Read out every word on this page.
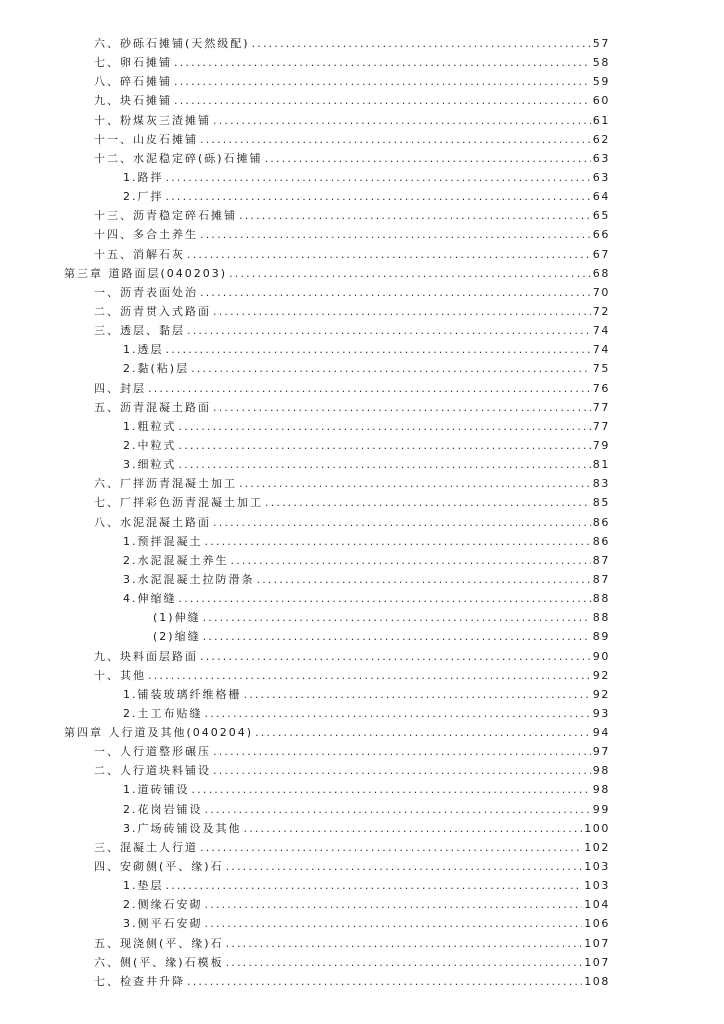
六、砂砾石摊铺(天然级配) .....	57
七、卵石摊铺 .....	58
八、碎石摊铺 .....	59
九、块石摊铺 .....	60
十、粉煤灰三渣摊铺 .....	61
十一、山皮石摊铺 .....	62
十二、水泥稳定碎(砾)石摊铺 .....	63
1.路拌 .....	63
2.厂拌 .....	64
十三、沥青稳定碎石摊铺 .....	65
十四、多合土养生 .....	66
十五、消解石灰 .....	67
第三章 道路面层(040203) .....	68
一、沥青表面处治 .....	70
二、沥青贯入式路面 .....	72
三、透层、黏层 .....	74
1.透层 .....	74
2.黏(粘)层 .....	75
四、封层 .....	76
五、沥青混凝土路面 .....	77
1.粗粒式 .....	77
2.中粒式 .....	79
3.细粒式 .....	81
六、厂拌沥青混凝土加工 .....	83
七、厂拌彩色沥青混凝土加工 .....	85
八、水泥混凝土路面 .....	86
1.预拌混凝土 .....	86
2.水泥混凝土养生 .....	87
3.水泥混凝土拉防滑条 .....	87
4.伸缩缝 .....	88
(1)伸缝 .....	88
(2)缩缝 .....	89
九、块料面层路面 .....	90
十、其他 .....	92
1.铺装玻璃纤维格栅 .....	92
2.土工布贴缝 .....	93
第四章 人行道及其他(040204) .....	94
一、人行道整形碾压 .....	97
二、人行道块料铺设 .....	98
1.道砖铺设 .....	98
2.花岗岩铺设 .....	99
3.广场砖铺设及其他 .....	100
三、混凝土人行道 .....	102
四、安砌侧(平、缘)石 .....	103
1.垫层 .....	103
2.侧缘石安砌 .....	104
3.侧平石安砌 .....	106
五、现浇侧(平、缘)石 .....	107
六、侧(平、缘)石模板 .....	107
七、检查井升降 .....	108
